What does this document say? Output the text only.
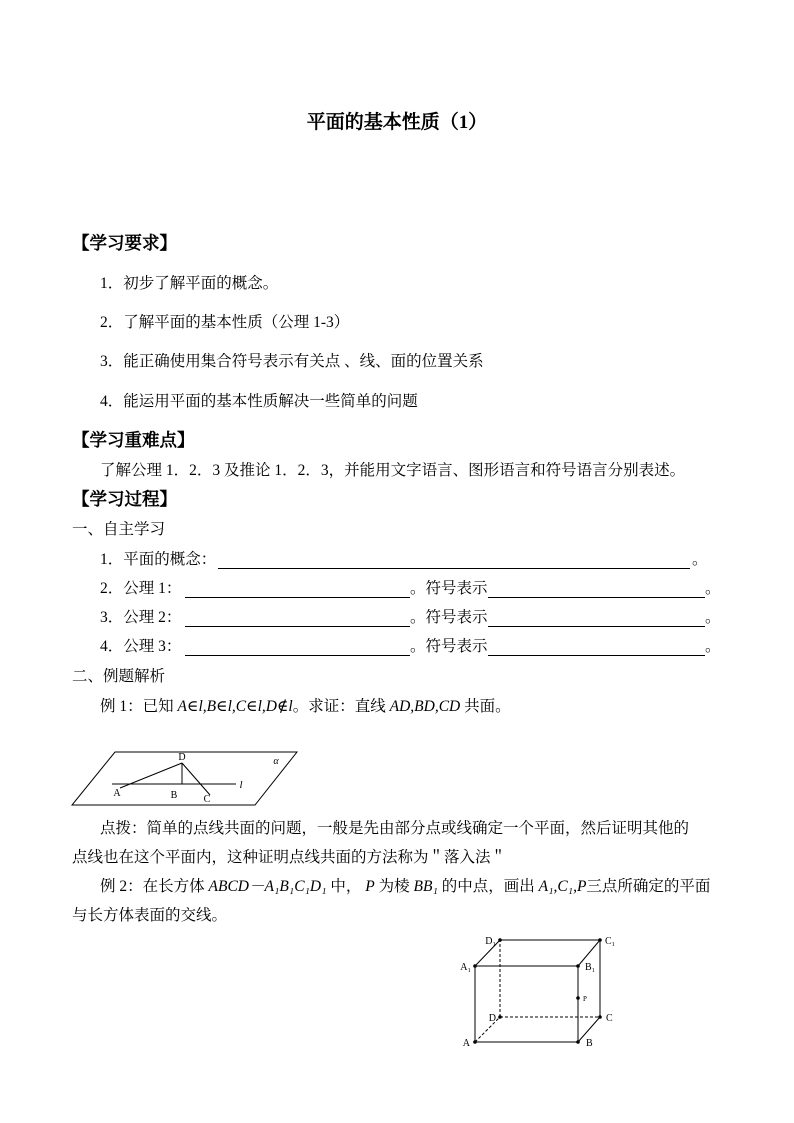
平面的基本性质（1）
【学习要求】
1．初步了解平面的概念。
2．了解平面的基本性质（公理 1-3）
3．能正确使用集合符号表示有关点 、线、面的位置关系
4．能运用平面的基本性质解决一些简单的问题
【学习重难点】
了解公理 1．2．3 及推论 1．2．3，并能用文字语言、图形语言和符号语言分别表述。
【学习过程】
一、自主学习
1．平面的概念：	。
2．公理 1：	。符号表示	。
3．公理 2：	。符号表示	。
4．公理 3：	。符号表示	。
二、例题解析
例 1：已知 A∈l,B∈l,C∈l,D∉l。求证：直线 AD,BD,CD 共面。
D
A	B	C
l
α
点拨：简单的点线共面的问题，一般是先由部分点或线确定一个平面，然后证明其他的
点线也在这个平面内，这种证明点线共面的方法称为＂落入法＂
例 2：在长方体 ABCD－A₁B₁C₁D₁ 中， P 为棱 BB₁ 的中点，画出 A₁,C₁,P三点所确定的平面
与长方体表面的交线。
D₁	C₁
A₁	B₁
P
D	C
A	B
